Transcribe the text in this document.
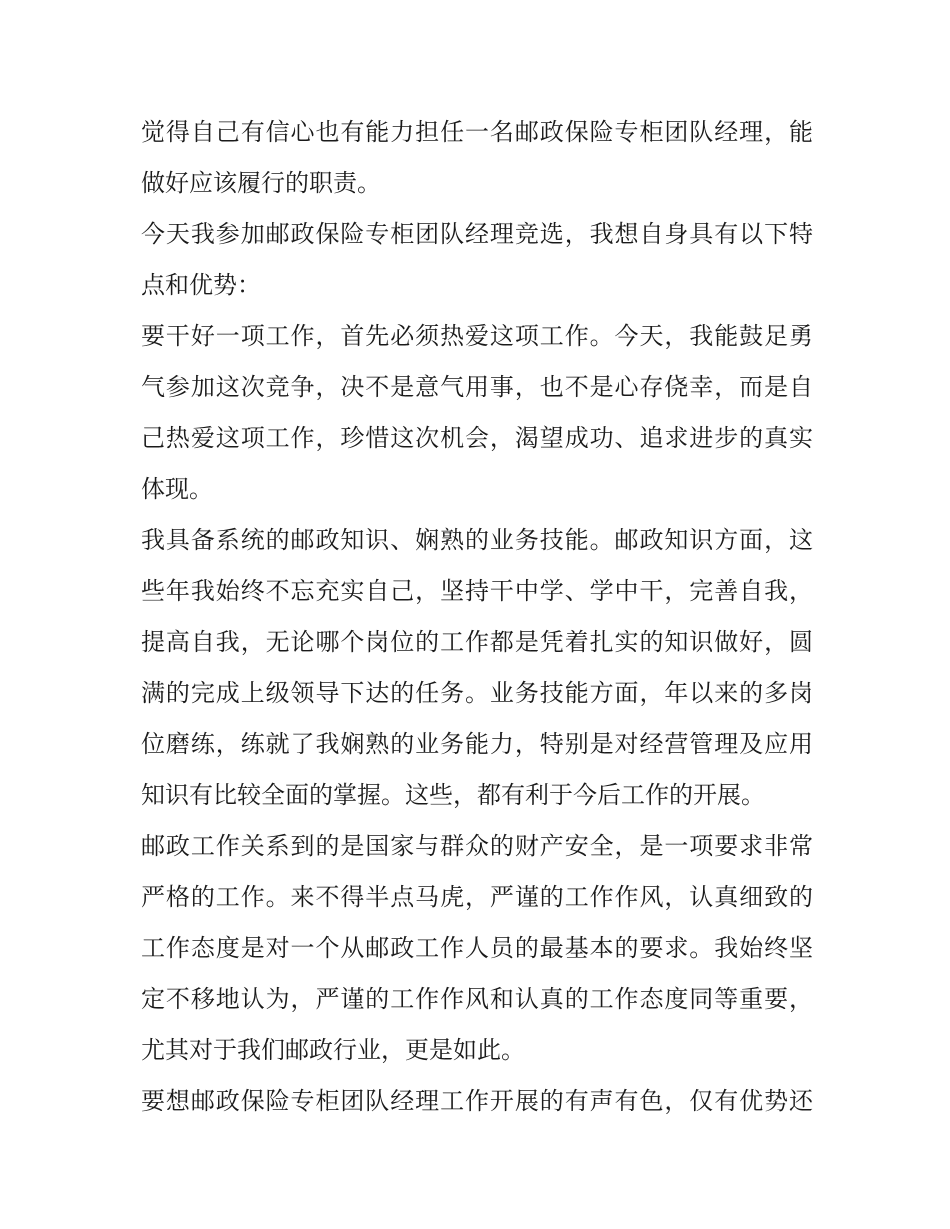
觉得自己有信心也有能力担任一名邮政保险专柜团队经理，能
做好应该履行的职责。
今天我参加邮政保险专柜团队经理竞选，我想自身具有以下特
点和优势：
要干好一项工作，首先必须热爱这项工作。今天，我能鼓足勇
气参加这次竞争，决不是意气用事，也不是心存侥幸，而是自
己热爱这项工作，珍惜这次机会，渴望成功、追求进步的真实
体现。
我具备系统的邮政知识、娴熟的业务技能。邮政知识方面，这
些年我始终不忘充实自己，坚持干中学、学中干，完善自我，
提高自我，无论哪个岗位的工作都是凭着扎实的知识做好，圆
满的完成上级领导下达的任务。业务技能方面，年以来的多岗
位磨练，练就了我娴熟的业务能力，特别是对经营管理及应用
知识有比较全面的掌握。这些，都有利于今后工作的开展。
邮政工作关系到的是国家与群众的财产安全，是一项要求非常
严格的工作。来不得半点马虎，严谨的工作作风，认真细致的
工作态度是对一个从邮政工作人员的最基本的要求。我始终坚
定不移地认为，严谨的工作作风和认真的工作态度同等重要，
尤其对于我们邮政行业，更是如此。
要想邮政保险专柜团队经理工作开展的有声有色，仅有优势还
